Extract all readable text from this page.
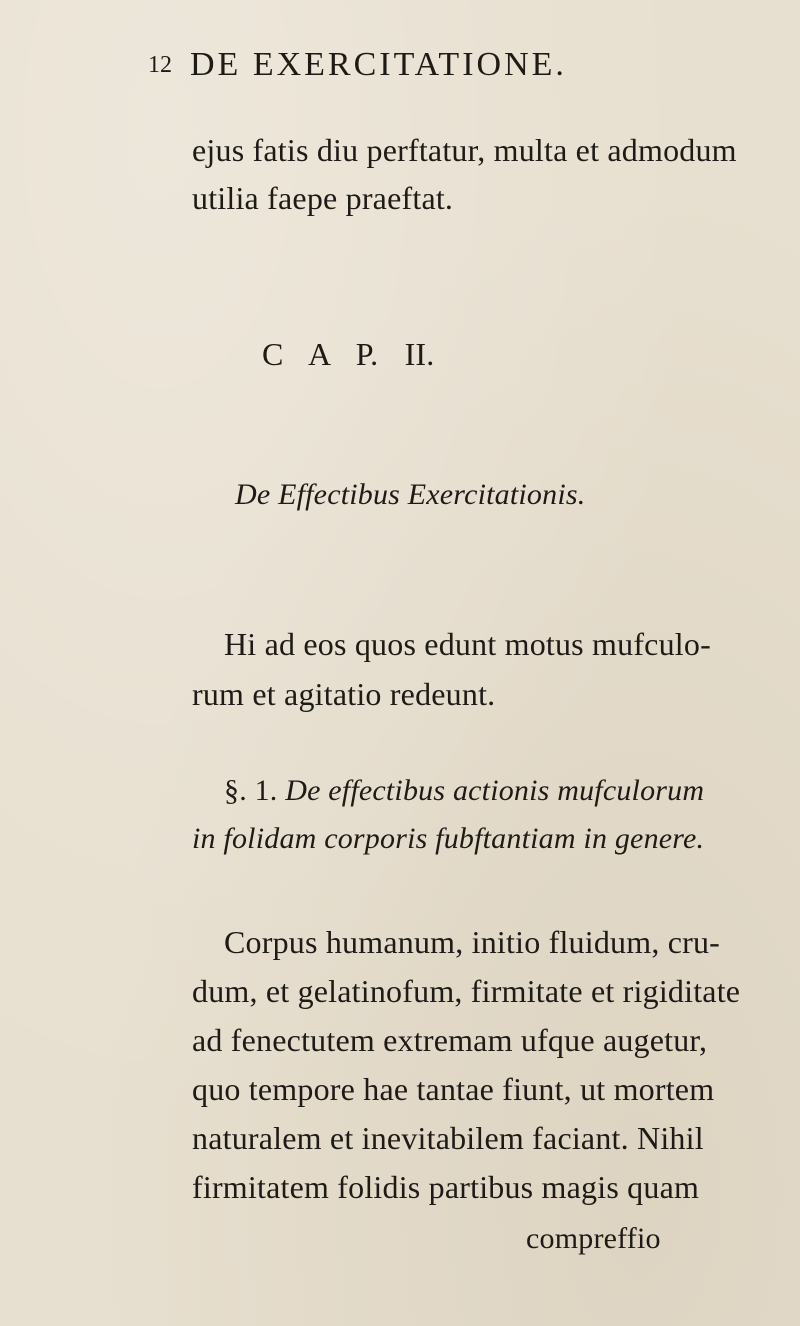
12 DE EXERCITATIONE.
ejus fatis diu perftatur, multa et admodum
utilia faepe praeftat.
C A P. II.
De Effectibus Exercitationis.
Hi ad eos quos edunt motus mufculo-
rum et agitatio redeunt.
§. 1. De effectibus actionis mufculorum
in folidam corporis fubftantiam in genere.
Corpus humanum, initio fluidum, cru-
dum, et gelatinofum, firmitate et rigiditate
ad fenectutem extremam ufque augetur,
quo tempore hae tantae fiunt, ut mortem
naturalem et inevitabilem faciant. Nihil
firmitatem folidis partibus magis quam
compreffio
